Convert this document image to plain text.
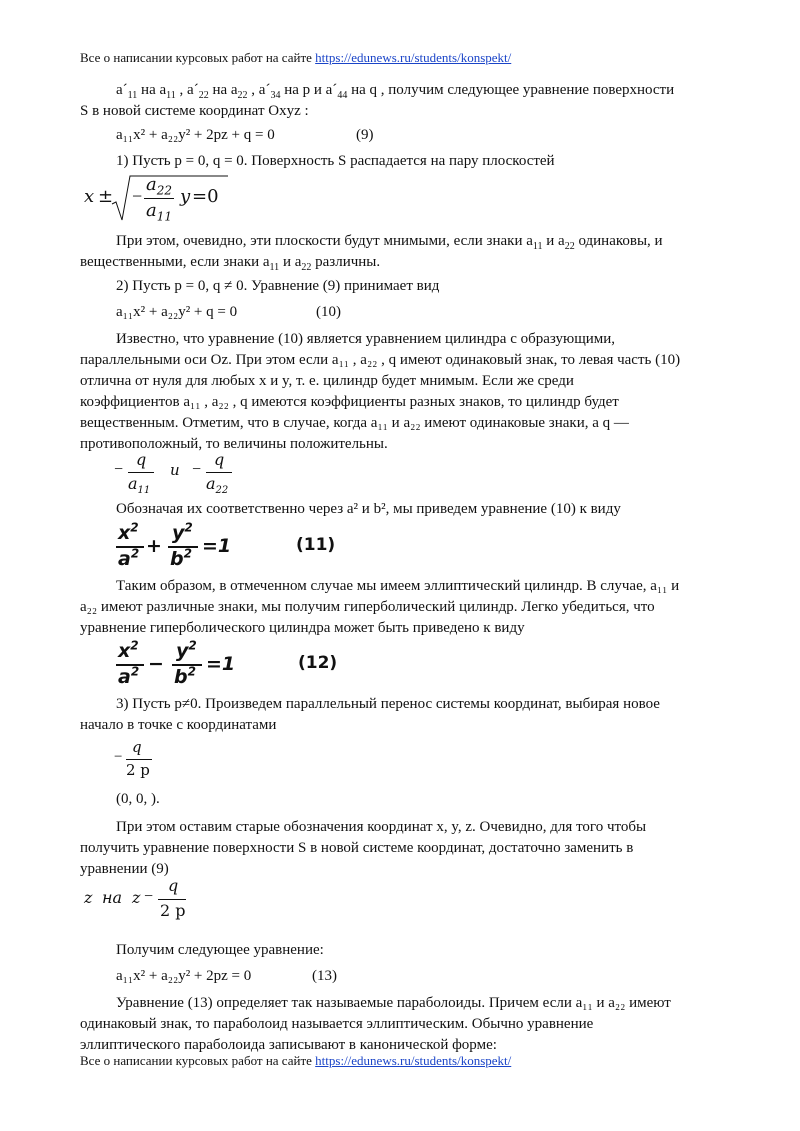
Все о написании курсовых работ на сайте https://edunews.ru/students/konspekt/
$a´_{11}$ на $a_{11}$ , $a´_{22}$ на $a_{22}$ , $a´_{34}$ на p и $a´_{44}$ на q , получим следующее уравнение поверхности
S в новой системе координат Oxyz :
a₁₁x² + a₂₂y² + 2pz + q = 0	(9)
1) Пусть p = 0, q = 0. Поверхность S распадается на пару плоскостей
x ± −
$a_{22}$
$a_{11}$
y =0
При этом, очевидно, эти плоскости будут мнимыми, если знаки $a_{11}$ и $a_{22}$ одинаковы, и
вещественными, если знаки $a_{11}$ и $a_{22}$ различны.
2) Пусть p = 0, q ≠ 0. Уравнение (9) принимает вид
a₁₁x² + a₂₂y² + q = 0	(10)
Известно, что уравнение (10) является уравнением цилиндра с образующими,
параллельными оси Oz. При этом если a₁₁ , a₂₂ , q имеют одинаковый знак, то левая часть (10)
отлична от нуля для любых x и y, т. е. цилиндр будет мнимым. Если же среди
коэффициентов a₁₁ , a₂₂ , q имеются коэффициенты разных знаков, то цилиндр будет
вещественным. Отметим, что в случае, когда a₁₁ и a₂₂ имеют одинаковые знаки, а q —
противоположный, то величины положительны.
−
q
$a_{11}$
и −
q
$a_{22}$
Обозначая их соответственно через a² и b², мы приведем уравнение (10) к виду
$x^2$
$a^2$ +
$y^2$
$b^2 =1$	(11)
Таким образом, в отмеченном случае мы имеем эллиптический цилиндр. В случае, a₁₁ и
a₂₂ имеют различные знаки, мы получим гиперболический цилиндр. Легко убедиться, что
уравнение гиперболического цилиндра может быть приведено к виду
$x^2$
$a^2$ −
$y^2$
$b^2 =1$	(12)
3) Пусть p≠0. Произведем параллельный перенос системы координат, выбирая новое
начало в точке с координатами
−
q
2 p
(0, 0, ).
При этом оставим старые обозначения координат x, y, z. Очевидно, для того чтобы
получить уравнение поверхности S в новой системе координат, достаточно заменить в
уравнении (9)
z на z −
q
2 p
Получим следующее уравнение:
a₁₁x² + a₂₂y² + 2pz = 0	(13)
Уравнение (13) определяет так называемые параболоиды. Причем если a₁₁ и a₂₂ имеют
одинаковый знак, то параболоид называется эллиптическим. Обычно уравнение
эллиптического параболоида записывают в канонической форме:
Все о написании курсовых работ на сайте https://edunews.ru/students/konspekt/
